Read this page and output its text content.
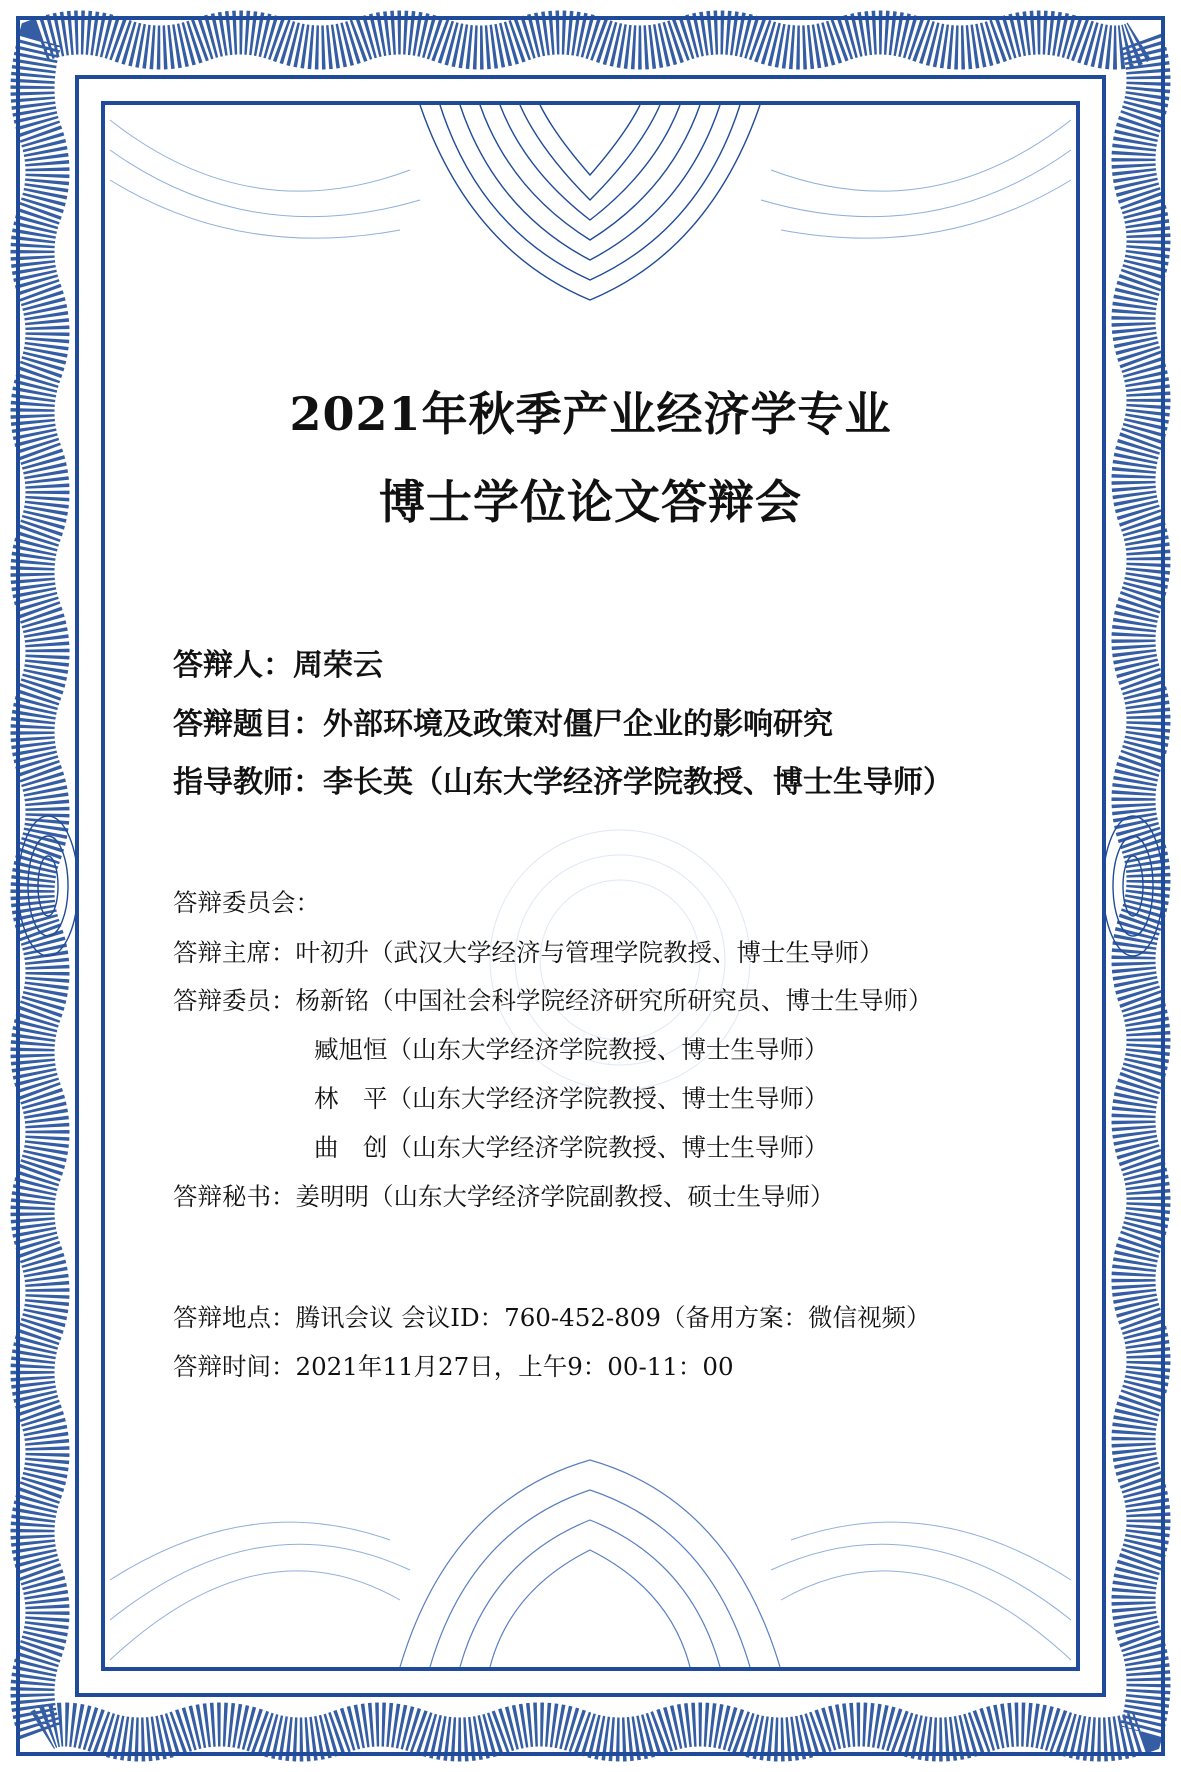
2021年秋季产业经济学专业
博士学位论文答辩会
答辩人：周荣云
答辩题目：外部环境及政策对僵尸企业的影响研究
指导教师：李长英（山东大学经济学院教授、博士生导师）
答辩委员会：
答辩主席：叶初升（武汉大学经济与管理学院教授、博士生导师）
答辩委员：杨新铭（中国社会科学院经济研究所研究员、博士生导师）
臧旭恒（山东大学经济学院教授、博士生导师）
林　平（山东大学经济学院教授、博士生导师）
曲　创（山东大学经济学院教授、博士生导师）
答辩秘书：姜明明（山东大学经济学院副教授、硕士生导师）
答辩地点：腾讯会议 会议ID：760-452-809（备用方案：微信视频）
答辩时间：2021年11月27日，上午9：00-11：00
